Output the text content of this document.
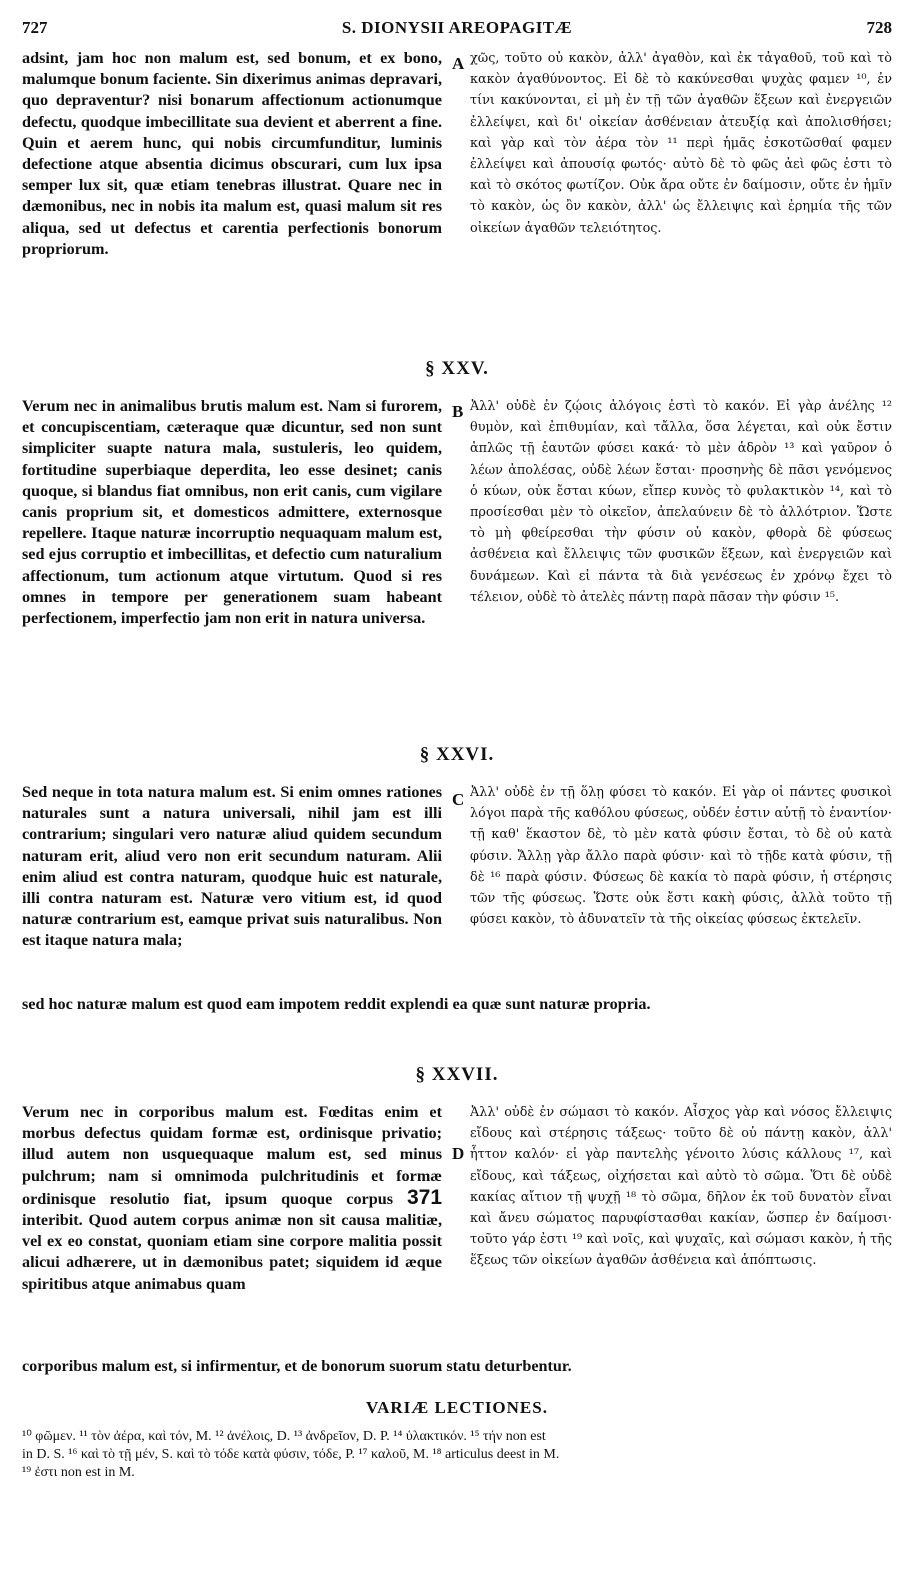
727	S. DIONYSII AREOPAGITÆ	728
adsint, jam hoc non malum est, sed bonum, et ex bono, malumque bonum faciente. Sin dixerimus animas depravari, quo depraventur? nisi bonarum affectionum actionumque defectu, quodque imbecillitate sua devient et aberrent a fine. Quin et aerem hunc, qui nobis circumfunditur, luminis defectione atque absentia dicimus obscurari, cum lux ipsa semper lux sit, quæ etiam tenebras illustrat. Quare nec in dæmonibus, nec in nobis ita malum est, quasi malum sit res aliqua, sed ut defectus et carentia perfectionis bonorum propriorum.
A χῶς, τοῦτο οὐ κακὸν, ἀλλ' ἀγαθὸν, καὶ ἐκ τἀγαθοῦ, τοῦ καὶ τὸ κακὸν ἀγαθύνοντος. Εἰ δὲ τὸ κακύνεσθαι ψυχὰς φαμεν ¹⁰, ἐν τίνι κακύνονται, εἰ μὴ ἐν τῇ τῶν ἀγαθῶν ἕξεων καὶ ἐνεργειῶν ἐλλείψει, καὶ δι' οἰκείαν ἀσθένειαν ἀτευξίᾳ καὶ ἀπολισθήσει; καὶ γὰρ καὶ τὸν ἀέρα τὸν ¹¹ περὶ ἡμᾶς ἐσκοτῶσθαί φαμεν ἐλλείψει καὶ ἀπουσίᾳ φωτός· αὐτὸ δὲ τὸ φῶς ἀεὶ φῶς ἐστι τὸ καὶ τὸ σκότος φωτίζον. Οὐκ ἄρα οὔτε ἐν δαίμοσιν, οὔτε ἐν ἡμῖν τὸ κακὸν, ὡς ὂν κακὸν, ἀλλ' ὡς ἔλλειψις καὶ ἐρημία τῆς τῶν οἰκείων ἀγαθῶν τελειότητος.
§ XXV.
Verum nec in animalibus brutis malum est. Nam si furorem, et concupiscentiam, cæteraque quæ dicuntur, sed non sunt simpliciter suapte natura mala, sustuleris, leo quidem, fortitudine superbiaque deperdita, leo esse desinet; canis quoque, si blandus fiat omnibus, non erit canis, cum vigilare canis proprium sit, et domesticos admittere, externosque repellere. Itaque naturæ incorruptio nequaquam malum est, sed ejus corruptio et imbecillitas, et defectio cum naturalium affectionum, tum actionum atque virtutum. Quod si res omnes in tempore per generationem suam habeant perfectionem, imperfectio jam non erit in natura universa.
B Ἀλλ' οὐδὲ ἐν ζῴοις ἀλόγοις ἐστὶ τὸ κακόν. Εἰ γὰρ ἀνέλης ¹² θυμὸν, καὶ ἐπιθυμίαν, καὶ τἄλλα, ὅσα λέγεται, καὶ οὐκ ἔστιν ἁπλῶς τῇ ἑαυτῶν φύσει κακά· τὸ μὲν ἁδρὸν ¹³ καὶ γαῦρον ὁ λέων ἀπολέσας, οὐδὲ λέων ἔσται· προσηνὴς δὲ πᾶσι γενόμενος ὁ κύων, οὐκ ἔσται κύων, εἴπερ κυνὸς τὸ φυλακτικὸν ¹⁴, καὶ τὸ προσίεσθαι μὲν τὸ οἰκεῖον, ἀπελαύνειν δὲ τὸ ἀλλότριον. Ὥστε τὸ μὴ φθείρεσθαι τὴν φύσιν οὐ κακὸν, φθορὰ δὲ φύσεως ἀσθένεια καὶ ἔλλειψις τῶν φυσικῶν ἕξεων, καὶ ἐνεργειῶν καὶ δυνάμεων. Καὶ εἰ πάντα τὰ διὰ γενέσεως ἐν χρόνῳ ἔχει τὸ τέλειον, οὐδὲ τὸ ἀτελὲς πάντῃ παρὰ πᾶσαν τὴν φύσιν ¹⁵.
§ XXVI.
Sed neque in tota natura malum est. Si enim omnes rationes naturales sunt a natura universali, nihil jam est illi contrarium; singulari vero naturæ aliud quidem secundum naturam erit, aliud vero non erit secundum naturam. Alii enim aliud est contra naturam, quodque huic est naturale, illi contra naturam est. Naturæ vero vitium est, id quod naturæ contrarium est, eamque privat suis naturalibus. Non est itaque natura mala;
C Ἀλλ' οὐδὲ ἐν τῇ ὅλῃ φύσει τὸ κακόν. Εἰ γὰρ οἱ πάντες φυσικοὶ λόγοι παρὰ τῆς καθόλου φύσεως, οὐδέν ἐστιν αὐτῇ τὸ ἐναντίον· τῇ καθ' ἕκαστον δὲ, τὸ μὲν κατὰ φύσιν ἔσται, τὸ δὲ οὐ κατὰ φύσιν. Ἄλλῃ γὰρ ἄλλο παρὰ φύσιν· καὶ τὸ τῇδε κατὰ φύσιν, τῇ δὲ ¹⁶ παρὰ φύσιν. Φύσεως δὲ κακία τὸ παρὰ φύσιν, ἡ στέρησις τῶν τῆς φύσεως. Ὥστε οὐκ ἔστι κακὴ φύσις, ἀλλὰ τοῦτο τῇ φύσει κακὸν, τὸ ἀδυνατεῖν τὰ τῆς οἰκείας φύσεως ἐκτελεῖν.
sed hoc naturæ malum est quod eam impotem reddit explendi ea quæ sunt naturæ propria.
§ XXVII.
Verum nec in corporibus malum est. Fœditas enim et morbus defectus quidam formæ est, ordinisque privatio; illud autem non usquequaque malum est, sed minus pulchrum; nam si omnimoda pulchritudinis et formæ ordinisque resolutio fiat, ipsum quoque corpus 371 interibit. Quod autem corpus animæ non sit causa malitiæ, vel ex eo constat, quoniam etiam sine corpore malitia possit alicui adhærere, ut in dæmonibus patet; siquidem id æque spiritibus atque animabus quam
D
Ἀλλ' οὐδὲ ἐν σώμασι τὸ κακόν. Αἶσχος γὰρ καὶ νόσος ἔλλειψις εἴδους καὶ στέρησις τάξεως· τοῦτο δὲ οὐ πάντῃ κακὸν, ἀλλ' ἧττον καλόν· εἰ γὰρ παντελὴς γένοιτο λύσις κάλλους ¹⁷, καὶ εἴδους, καὶ τάξεως, οἰχήσεται καὶ αὐτὸ τὸ σῶμα. Ὅτι δὲ οὐδὲ κακίας αἴτιον τῇ ψυχῇ ¹⁸ τὸ σῶμα, δῆλον ἐκ τοῦ δυνατὸν εἶναι καὶ ἄνευ σώματος παρυφίστασθαι κακίαν, ὥσπερ ἐν δαίμοσι· τοῦτο γάρ ἐστι ¹⁹ καὶ νοῖς, καὶ ψυχαῖς, καὶ σώμασι κακὸν, ἡ τῆς ἕξεως τῶν οἰκείων ἀγαθῶν ἀσθένεια καὶ ἀπόπτωσις.
corporibus malum est, si infirmentur, et de bonorum suorum statu deturbentur.
VARIÆ LECTIONES.
¹⁰ φῶμεν. ¹¹ τὸν ἀέρα, καὶ τόν, M. ¹² ἀνέλοις, D. ¹³ ἀνδρεῖον, D. P. ¹⁴ ὑλακτικόν. ¹⁵ τήν non est
in D. S. ¹⁶ καὶ τὸ τῇ μέν, S. καὶ τὸ τόδε κατὰ φύσιν, τόδε, P. ¹⁷ καλοῦ, M. ¹⁸ articulus deest in M.
¹⁹ ἐστι non est in M.
